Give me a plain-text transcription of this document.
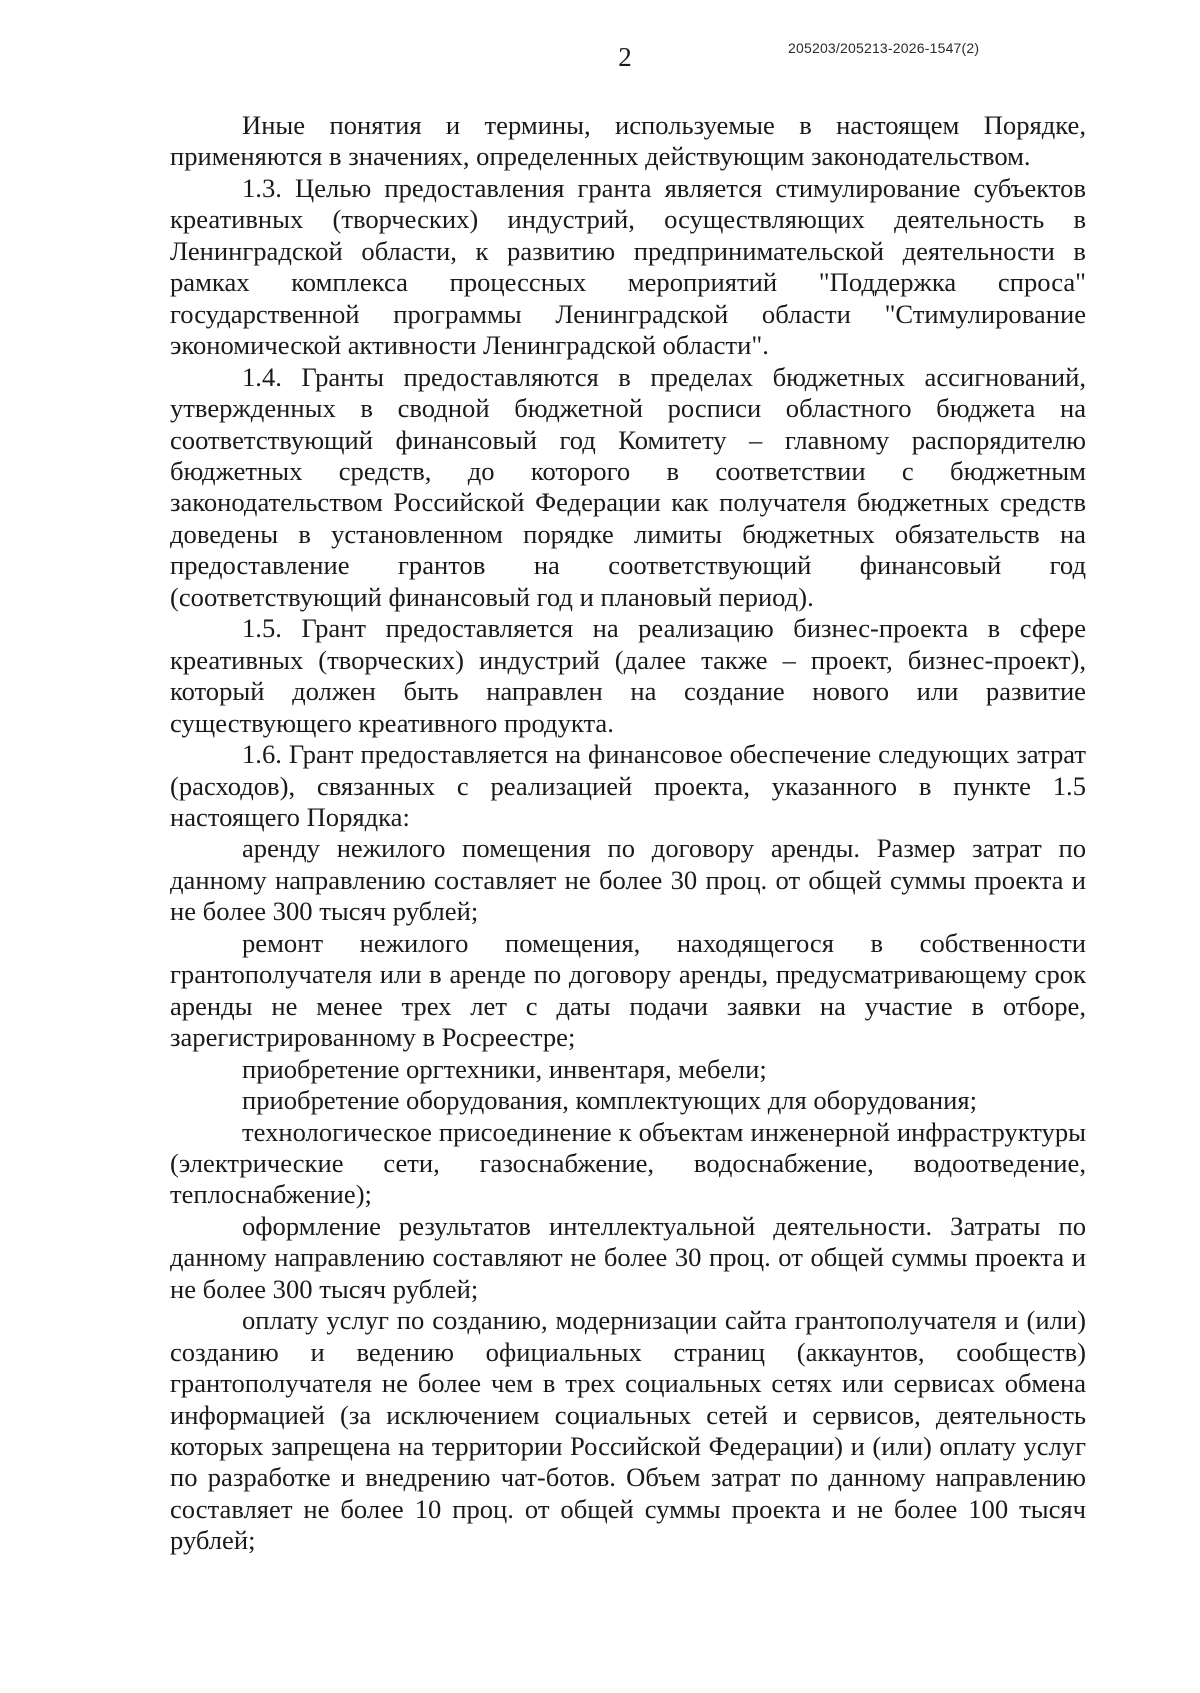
2	205203/205213-2026-1547(2)

Иные понятия и термины, используемые в настоящем Порядке, применяются в значениях, определенных действующим законодательством.

1.3. Целью предоставления гранта является стимулирование субъектов креативных (творческих) индустрий, осуществляющих деятельность в Ленинградской области, к развитию предпринимательской деятельности в рамках комплекса процессных мероприятий "Поддержка спроса" государственной программы Ленинградской области "Стимулирование экономической активности Ленинградской области".

1.4. Гранты предоставляются в пределах бюджетных ассигнований, утвержденных в сводной бюджетной росписи областного бюджета на соответствующий финансовый год Комитету – главному распорядителю бюджетных средств, до которого в соответствии с бюджетным законодательством Российской Федерации как получателя бюджетных средств доведены в установленном порядке лимиты бюджетных обязательств на предоставление грантов на соответствующий финансовый год (соответствующий финансовый год и плановый период).

1.5. Грант предоставляется на реализацию бизнес-проекта в сфере креативных (творческих) индустрий (далее также – проект, бизнес-проект), который должен быть направлен на создание нового или развитие существующего креативного продукта.

1.6. Грант предоставляется на финансовое обеспечение следующих затрат (расходов), связанных с реализацией проекта, указанного в пункте 1.5 настоящего Порядка:

аренду нежилого помещения по договору аренды. Размер затрат по данному направлению составляет не более 30 проц. от общей суммы проекта и не более 300 тысяч рублей;

ремонт нежилого помещения, находящегося в собственности грантополучателя или в аренде по договору аренды, предусматривающему срок аренды не менее трех лет с даты подачи заявки на участие в отборе, зарегистрированному в Росреестре;

приобретение оргтехники, инвентаря, мебели;

приобретение оборудования, комплектующих для оборудования;

технологическое присоединение к объектам инженерной инфраструктуры (электрические сети, газоснабжение, водоснабжение, водоотведение, теплоснабжение);

оформление результатов интеллектуальной деятельности. Затраты по данному направлению составляют не более 30 проц. от общей суммы проекта и не более 300 тысяч рублей;

оплату услуг по созданию, модернизации сайта грантополучателя и (или) созданию и ведению официальных страниц (аккаунтов, сообществ) грантополучателя не более чем в трех социальных сетях или сервисах обмена информацией (за исключением социальных сетей и сервисов, деятельность которых запрещена на территории Российской Федерации) и (или) оплату услуг по разработке и внедрению чат-ботов. Объем затрат по данному направлению составляет не более 10 проц. от общей суммы проекта и не более 100 тысяч рублей;
